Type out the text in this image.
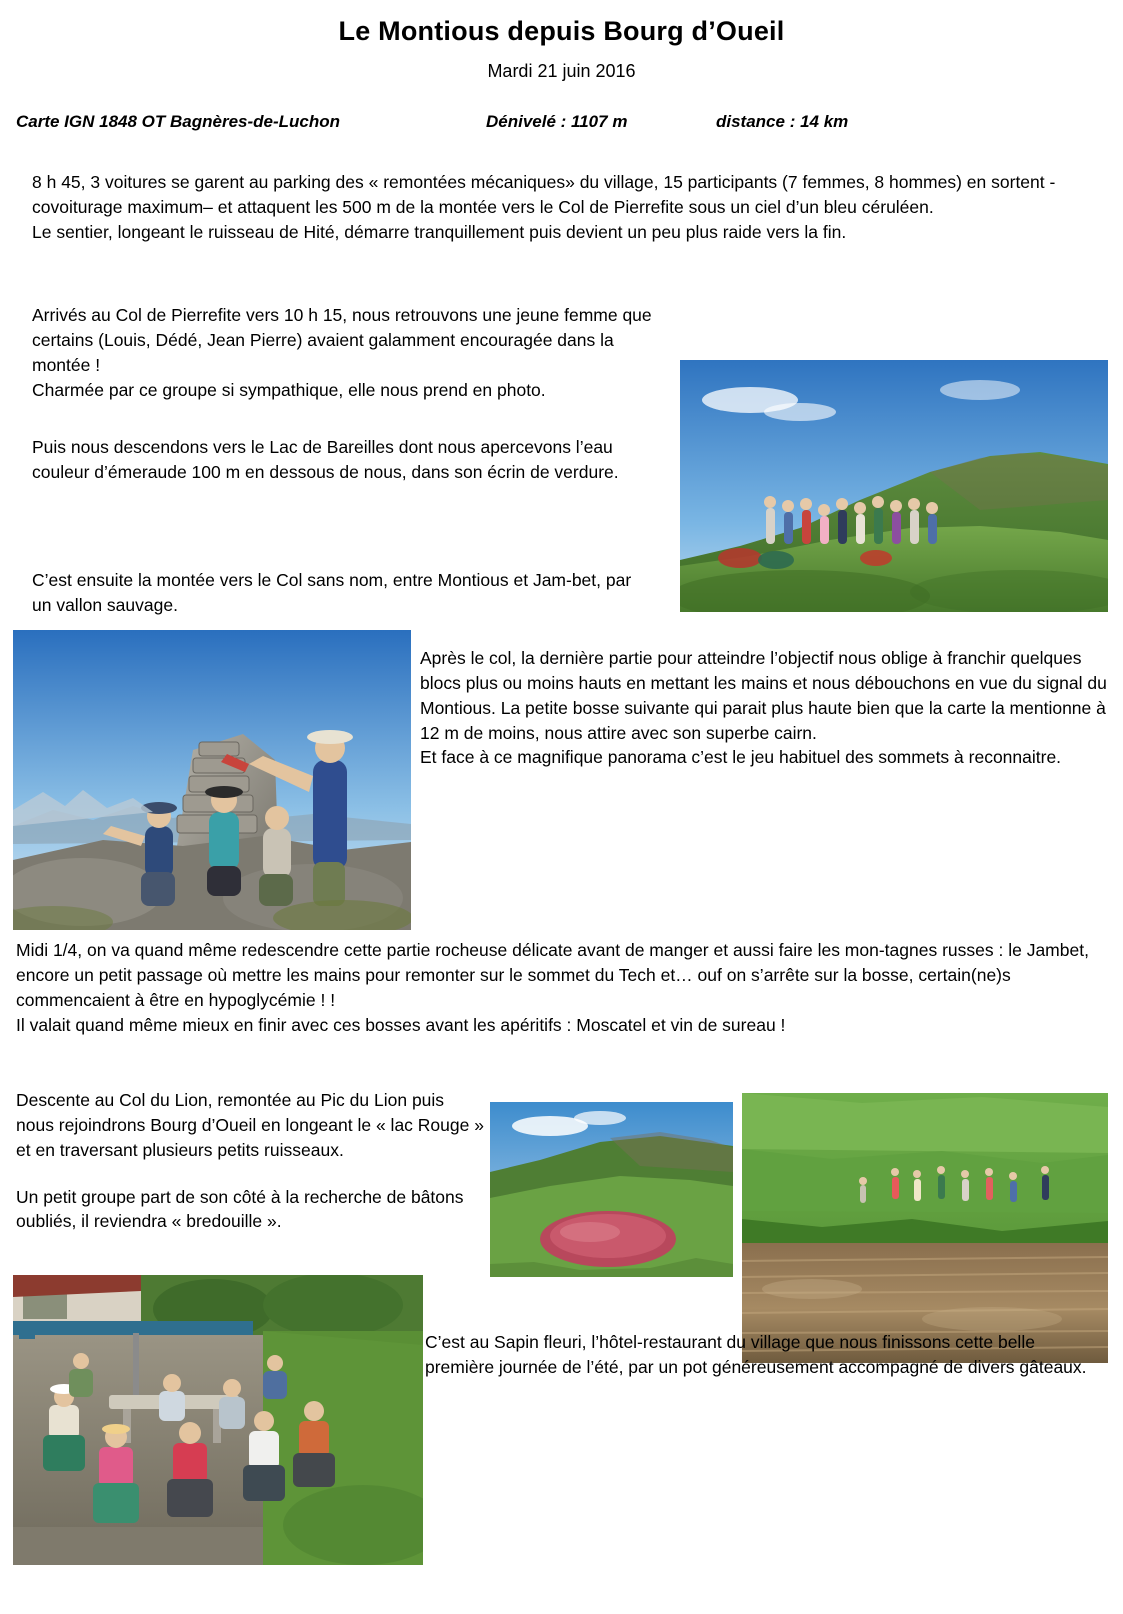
Le Montious depuis Bourg d’Oueil
Mardi 21 juin 2016
Carte IGN 1848 OT Bagnères-de-Luchon	Dénivelé : 1107 m	distance : 14 km

8 h 45, 3 voitures se garent au parking des « remontées mécaniques» du village, 15 participants (7 femmes, 8 hommes) en sortent -covoiturage maximum– et attaquent les 500 m de la montée vers le Col de Pierrefite sous un ciel d’un bleu céruléen.

Le sentier, longeant le ruisseau de Hité, démarre tranquillement puis devient un peu plus raide vers la fin.

Arrivés au Col de Pierrefite vers 10 h 15, nous retrouvons une jeune femme que certains (Louis, Dédé, Jean Pierre) avaient galamment encouragée dans la montée !

Charmée par ce groupe si sympathique, elle nous prend en photo.

Puis nous descendons vers le Lac de Bareilles dont nous apercevons l’eau couleur d’émeraude 100 m en dessous de nous, dans son écrin de verdure.

C’est ensuite la montée vers le Col sans nom, entre Montious et Jam-bet, par un vallon sauvage.

Après le col, la dernière partie pour atteindre l’objectif nous oblige à franchir quelques blocs plus ou moins hauts en mettant les mains et nous débouchons en vue du signal du Montious. La petite bosse suivante qui parait plus haute bien que la carte la mentionne à 12 m de moins, nous attire avec son superbe cairn.

Et face à ce magnifique panorama c’est le jeu habituel des sommets à reconnaitre.

Midi 1/4, on va quand même redescendre cette partie rocheuse délicate avant de manger et aussi faire les mon-tagnes russes : le Jambet, encore un petit passage où mettre les mains pour remonter sur le sommet du Tech et… ouf on s’arrête sur la bosse, certain(ne)s commencaient à être en hypoglycémie ! !

Il valait quand même mieux en finir avec ces bosses avant les apéritifs : Moscatel et vin de sureau !

Descente au Col du Lion, remontée au Pic du Lion puis nous rejoindrons Bourg d’Oueil en longeant le « lac Rouge » et en traversant plusieurs petits ruisseaux.

Un petit groupe part de son côté à la recherche de bâtons oubliés, il reviendra « bredouille ».

C’est au Sapin fleuri, l’hôtel-restaurant du village que nous finissons cette belle première journée de l’été, par un pot généreusement accompagné de divers gâteaux.
